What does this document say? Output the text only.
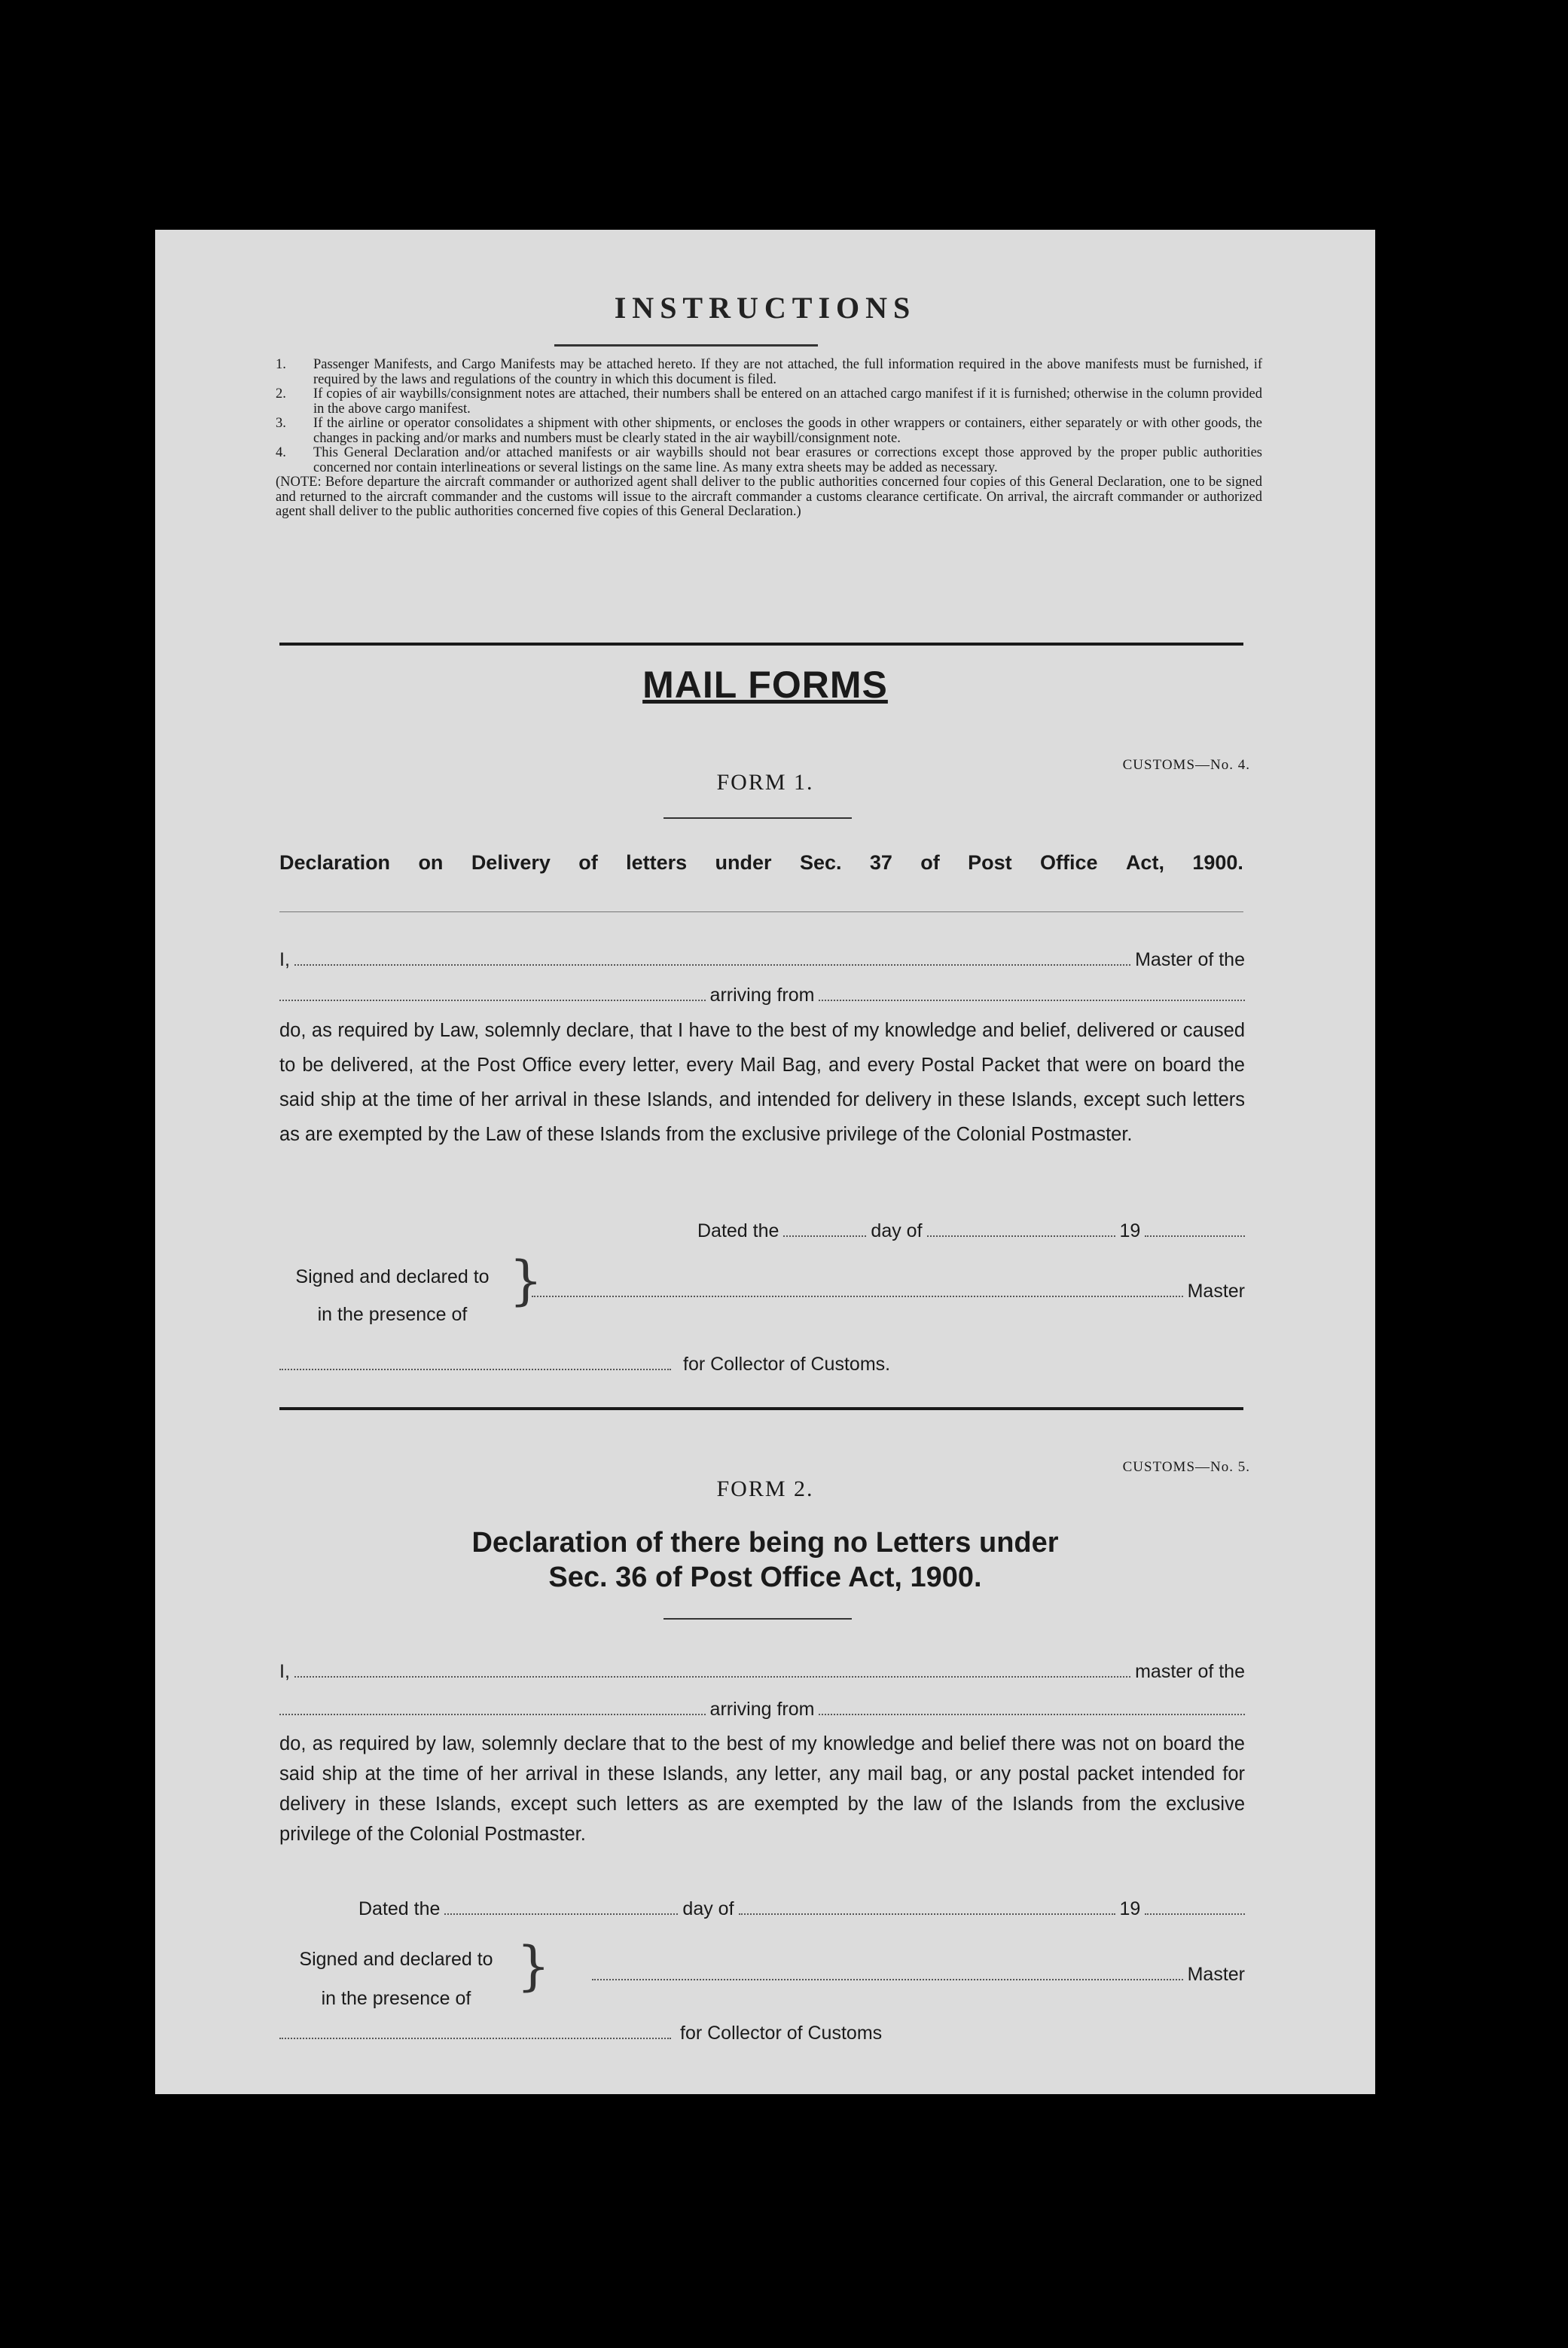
INSTRUCTIONS
1. Passenger Manifests, and Cargo Manifests may be attached hereto. If they are not attached, the full information required in the above manifests must be furnished, if required by the laws and regulations of the country in which this document is filed.
2. If copies of air waybills/consignment notes are attached, their numbers shall be entered on an attached cargo manifest if it is furnished; otherwise in the column provided in the above cargo manifest.
3. If the airline or operator consolidates a shipment with other shipments, or encloses the goods in other wrappers or containers, either separately or with other goods, the changes in packing and/or marks and numbers must be clearly stated in the air waybill/consignment note.
4. This General Declaration and/or attached manifests or air waybills should not bear erasures or corrections except those approved by the proper public authorities concerned nor contain interlineations or several listings on the same line. As many extra sheets may be added as necessary.
(NOTE: Before departure the aircraft commander or authorized agent shall deliver to the public authorities concerned four copies of this General Declaration, one to be signed and returned to the aircraft commander and the customs will issue to the aircraft commander a customs clearance certificate. On arrival, the aircraft commander or authorized agent shall deliver to the public authorities concerned five copies of this General Declaration.)
MAIL FORMS
CUSTOMS—No. 4.
FORM 1.
Declaration on Delivery of letters under Sec. 37 of Post Office Act, 1900.
I,	Master of the
arriving from
do, as required by Law, solemnly declare, that I have to the best of my knowledge and belief, delivered or caused to be delivered, at the Post Office every letter, every Mail Bag, and every Postal Packet that were on board the said ship at the time of her arrival in these Islands, and intended for delivery in these Islands, except such letters as are exempted by the Law of these Islands from the exclusive privilege of the Colonial Postmaster.
Dated the	day of	19
Signed and declared to
in the presence of
}	Master
for Collector of Customs.
CUSTOMS—No. 5.
FORM 2.
Declaration of there being no Letters under
Sec. 36 of Post Office Act, 1900.
I,	master of the
arriving from
do, as required by law, solemnly declare that to the best of my knowledge and belief there was not on board the said ship at the time of her arrival in these Islands, any letter, any mail bag, or any postal packet intended for delivery in these Islands, except such letters as are exempted by the law of the Islands from the exclusive privilege of the Colonial Postmaster.
Dated the	day of	19
Signed and declared to
in the presence of
}	Master
for Collector of Customs
